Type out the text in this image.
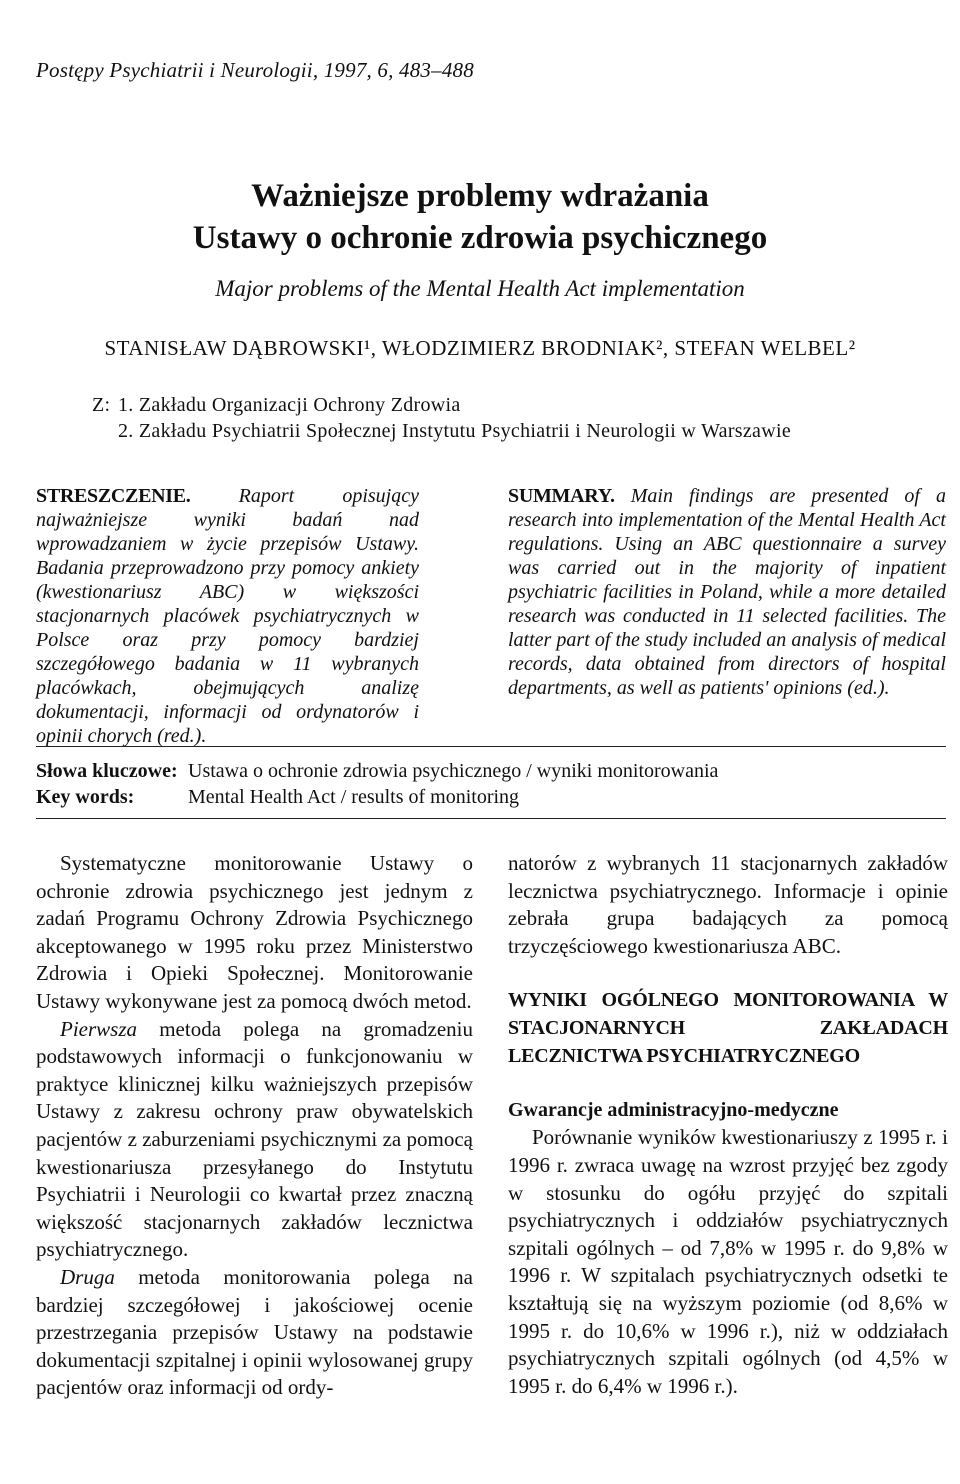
Postępy Psychiatrii i Neurologii, 1997, 6, 483–488
Ważniejsze problemy wdrażania
Ustawy o ochronie zdrowia psychicznego
Major problems of the Mental Health Act implementation
STANISŁAW DĄBROWSKI¹, WŁODZIMIERZ BRODNIAK², STEFAN WELBEL²
Z: 1. Zakładu Organizacji Ochrony Zdrowia
2. Zakładu Psychiatrii Społecznej Instytutu Psychiatrii i Neurologii w Warszawie
STRESZCZENIE. Raport opisujący najważniejsze wyniki badań nad wprowadzaniem w życie przepisów Ustawy. Badania przeprowadzono przy pomocy ankiety (kwestionariusz ABC) w większości stacjonarnych placówek psychiatrycznych w Polsce oraz przy pomocy bardziej szczegółowego badania w 11 wybranych placówkach, obejmujących analizę dokumentacji, informacji od ordynatorów i opinii chorych (red.).
SUMMARY. Main findings are presented of a research into implementation of the Mental Health Act regulations. Using an ABC questionnaire a survey was carried out in the majority of inpatient psychiatric facilities in Poland, while a more detailed research was conducted in 11 selected facilities. The latter part of the study included an analysis of medical records, data obtained from directors of hospital departments, as well as patients' opinions (ed.).
Słowa kluczowe: Ustawa o ochronie zdrowia psychicznego / wyniki monitorowania
Key words:	Mental Health Act / results of monitoring

Systematyczne monitorowanie Ustawy o ochronie zdrowia psychicznego jest jednym z zadań Programu Ochrony Zdrowia Psychicznego akceptowanego w 1995 roku przez Ministerstwo Zdrowia i Opieki Społecznej. Monitorowanie Ustawy wykonywane jest za pomocą dwóch metod.

Pierwsza metoda polega na gromadzeniu podstawowych informacji o funkcjonowaniu w praktyce klinicznej kilku ważniejszych przepisów Ustawy z zakresu ochrony praw obywatelskich pacjentów z zaburzeniami psychicznymi za pomocą kwestionariusza przesyłanego do Instytutu Psychiatrii i Neurologii co kwartał przez znaczną większość stacjonarnych zakładów lecznictwa psychiatrycznego.

Druga metoda monitorowania polega na bardziej szczegółowej i jakościowej ocenie przestrzegania przepisów Ustawy na podstawie dokumentacji szpitalnej i opinii wylosowanej grupy pacjentów oraz informacji od ordy-

natorów z wybranych 11 stacjonarnych zakładów lecznictwa psychiatrycznego. Informacje i opinie zebrała grupa badających za pomocą trzyczęściowego kwestionariusza ABC.

WYNIKI OGÓLNEGO MONITOROWANIA W STACJONARNYCH ZAKŁADACH LECZNICTWA PSYCHIATRYCZNEGO
Gwarancje administracyjno-medyczne

Porównanie wyników kwestionariuszy z 1995 r. i 1996 r. zwraca uwagę na wzrost przyjęć bez zgody w stosunku do ogółu przyjęć do szpitali psychiatrycznych i oddziałów psychiatrycznych szpitali ogólnych – od 7,8% w 1995 r. do 9,8% w 1996 r. W szpitalach psychiatrycznych odsetki te kształtują się na wyższym poziomie (od 8,6% w 1995 r. do 10,6% w 1996 r.), niż w oddziałach psychiatrycznych szpitali ogólnych (od 4,5% w 1995 r. do 6,4% w 1996 r.).
